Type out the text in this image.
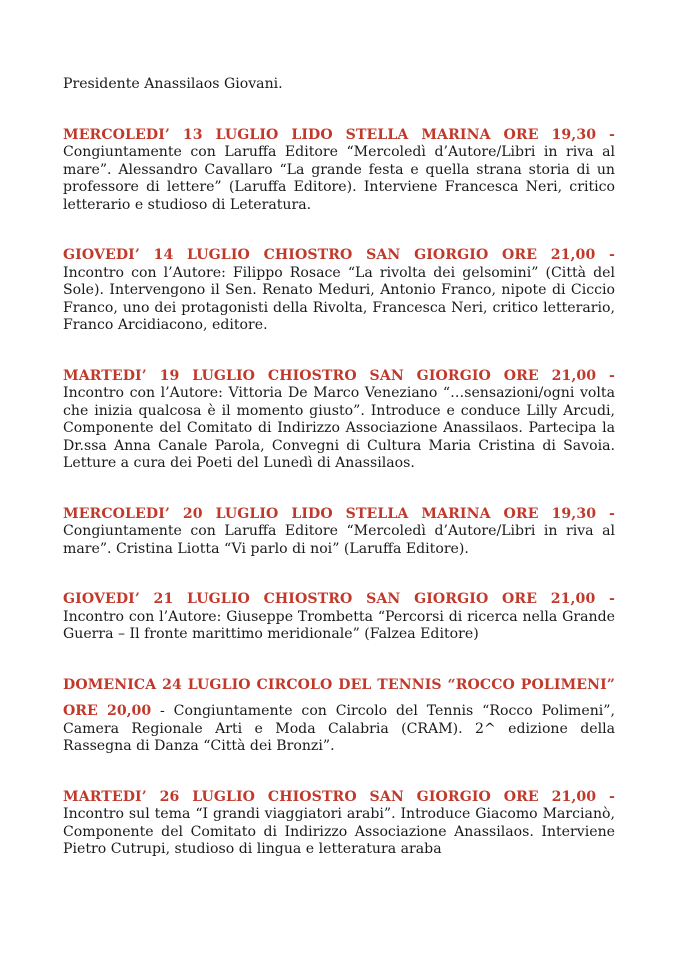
Presidente Anassilaos Giovani.

MERCOLEDI’ 13 LUGLIO LIDO STELLA MARINA ORE 19,30 -

Congiuntamente con Laruffa Editore “Mercoledì d’Autore/Libri in riva al mare”. Alessandro Cavallaro “La grande festa e quella strana storia di un professore di lettere” (Laruffa Editore). Interviene Francesca Neri, critico letterario e studioso di Leteratura.

GIOVEDI’ 14 LUGLIO CHIOSTRO SAN GIORGIO ORE 21,00 -

Incontro con l’Autore: Filippo Rosace “La rivolta dei gelsomini” (Città del Sole). Intervengono il Sen. Renato Meduri, Antonio Franco, nipote di Ciccio Franco, uno dei protagonisti della Rivolta, Francesca Neri, critico letterario, Franco Arcidiacono, editore.

MARTEDI’ 19 LUGLIO CHIOSTRO SAN GIORGIO ORE 21,00 -

Incontro con l’Autore: Vittoria De Marco Veneziano “…sensazioni/ogni volta che inizia qualcosa è il momento giusto”. Introduce e conduce Lilly Arcudi, Componente del Comitato di Indirizzo Associazione Anassilaos. Partecipa la Dr.ssa Anna Canale Parola, Convegni di Cultura Maria Cristina di Savoia. Letture a cura dei Poeti del Lunedì di Anassilaos.

MERCOLEDI’ 20 LUGLIO LIDO STELLA MARINA ORE 19,30 -

Congiuntamente con Laruffa Editore “Mercoledì d’Autore/Libri in riva al mare”. Cristina Liotta “Vi parlo di noi” (Laruffa Editore).

GIOVEDI’ 21 LUGLIO CHIOSTRO SAN GIORGIO ORE 21,00 -

Incontro con l’Autore: Giuseppe Trombetta “Percorsi di ricerca nella Grande Guerra – Il fronte marittimo meridionale” (Falzea Editore)

DOMENICA 24 LUGLIO CIRCOLO DEL TENNIS “ROCCO POLIMENI”

ORE 20,00 - Congiuntamente con Circolo del Tennis “Rocco Polimeni”, Camera Regionale Arti e Moda Calabria (CRAM). 2^ edizione della Rassegna di Danza “Città dei Bronzi”.

MARTEDI’ 26 LUGLIO CHIOSTRO SAN GIORGIO ORE 21,00 -

Incontro sul tema “I grandi viaggiatori arabi”. Introduce Giacomo Marcianò, Componente del Comitato di Indirizzo Associazione Anassilaos. Interviene Pietro Cutrupi, studioso di lingua e letteratura araba
